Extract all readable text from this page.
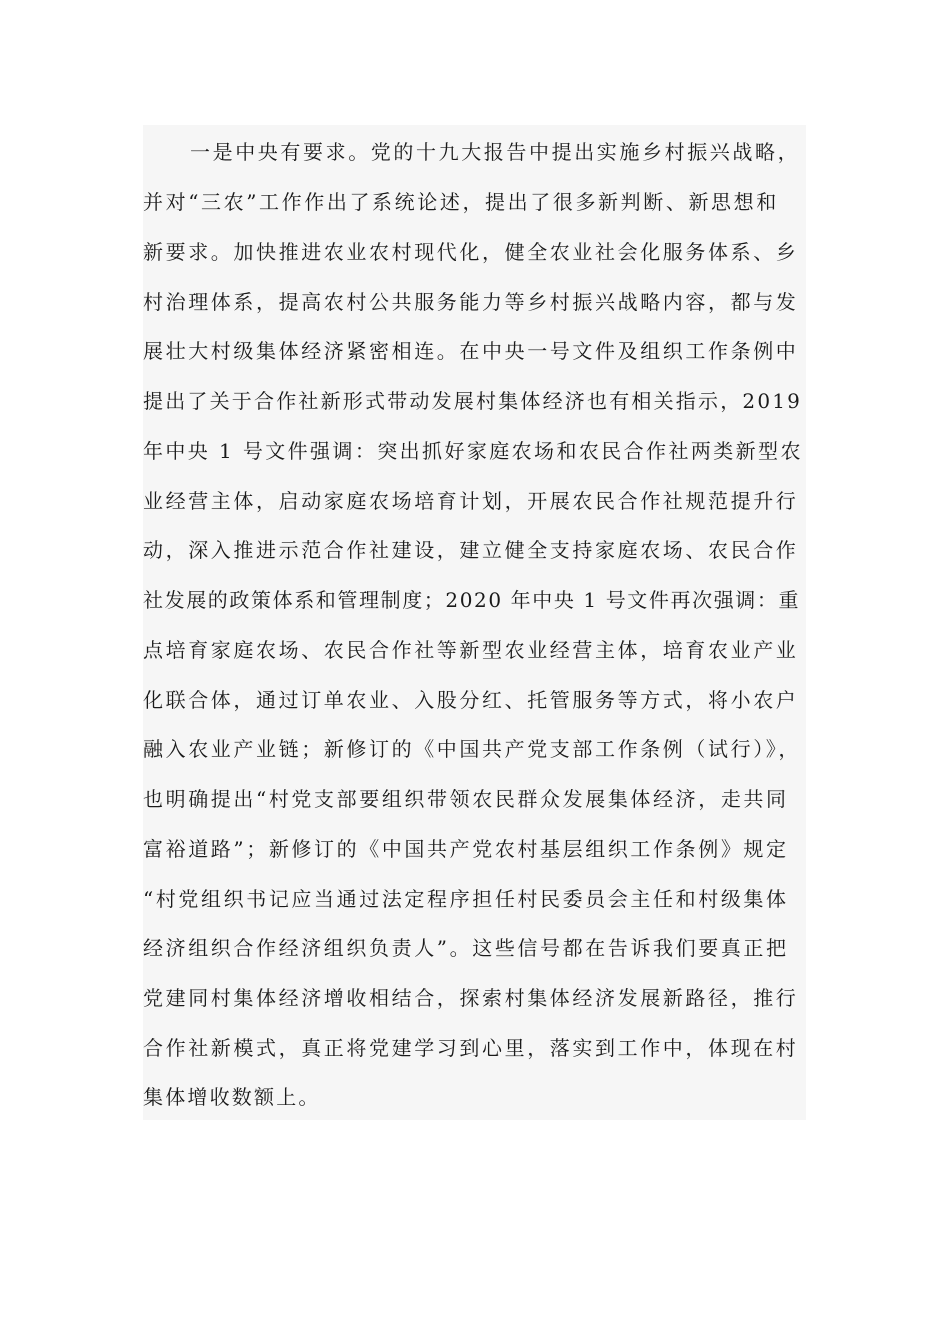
一是中央有要求。党的十九大报告中提出实施乡村振兴战略，
并对“三农”工作作出了系统论述，提出了很多新判断、新思想和
新要求。加快推进农业农村现代化，健全农业社会化服务体系、乡
村治理体系，提高农村公共服务能力等乡村振兴战略内容，都与发
展壮大村级集体经济紧密相连。在中央一号文件及组织工作条例中
提出了关于合作社新形式带动发展村集体经济也有相关指示，2019
年中央 1 号文件强调：突出抓好家庭农场和农民合作社两类新型农
业经营主体，启动家庭农场培育计划，开展农民合作社规范提升行
动，深入推进示范合作社建设，建立健全支持家庭农场、农民合作
社发展的政策体系和管理制度；2020 年中央 1 号文件再次强调：重
点培育家庭农场、农民合作社等新型农业经营主体，培育农业产业
化联合体，通过订单农业、入股分红、托管服务等方式，将小农户
融入农业产业链；新修订的《中国共产党支部工作条例（试行）》，
也明确提出“村党支部要组织带领农民群众发展集体经济，走共同
富裕道路”；新修订的《中国共产党农村基层组织工作条例》规定
“村党组织书记应当通过法定程序担任村民委员会主任和村级集体
经济组织合作经济组织负责人”。这些信号都在告诉我们要真正把
党建同村集体经济增收相结合，探索村集体经济发展新路径，推行
合作社新模式，真正将党建学习到心里，落实到工作中，体现在村
集体增收数额上。
